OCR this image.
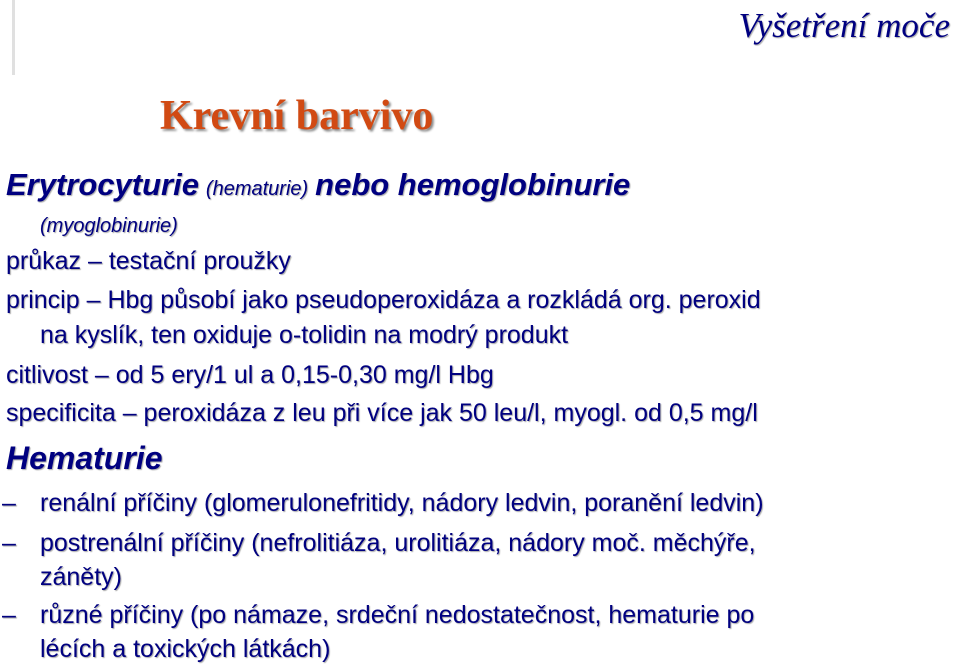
Vyšetření moče
Krevní barvivo
Erytrocyturie (hematurie) nebo hemoglobinurie
(myoglobinurie)
průkaz – testační proužky
princip – Hbg působí jako pseudoperoxidáza a rozkládá org. peroxid
na kyslík, ten oxiduje o-tolidin na modrý produkt
citlivost – od 5 ery/1 ul a 0,15-0,30 mg/l Hbg
specificita – peroxidáza z leu při více jak 50 leu/l, myogl. od 0,5 mg/l
Hematurie
– renální příčiny (glomerulonefritidy, nádory ledvin, poranění ledvin)
– postrenální příčiny (nefrolitiáza, urolitiáza, nádory moč. měchýře,
záněty)
– různé příčiny (po námaze, srdeční nedostatečnost, hematurie po
lécích a toxických látkách)
